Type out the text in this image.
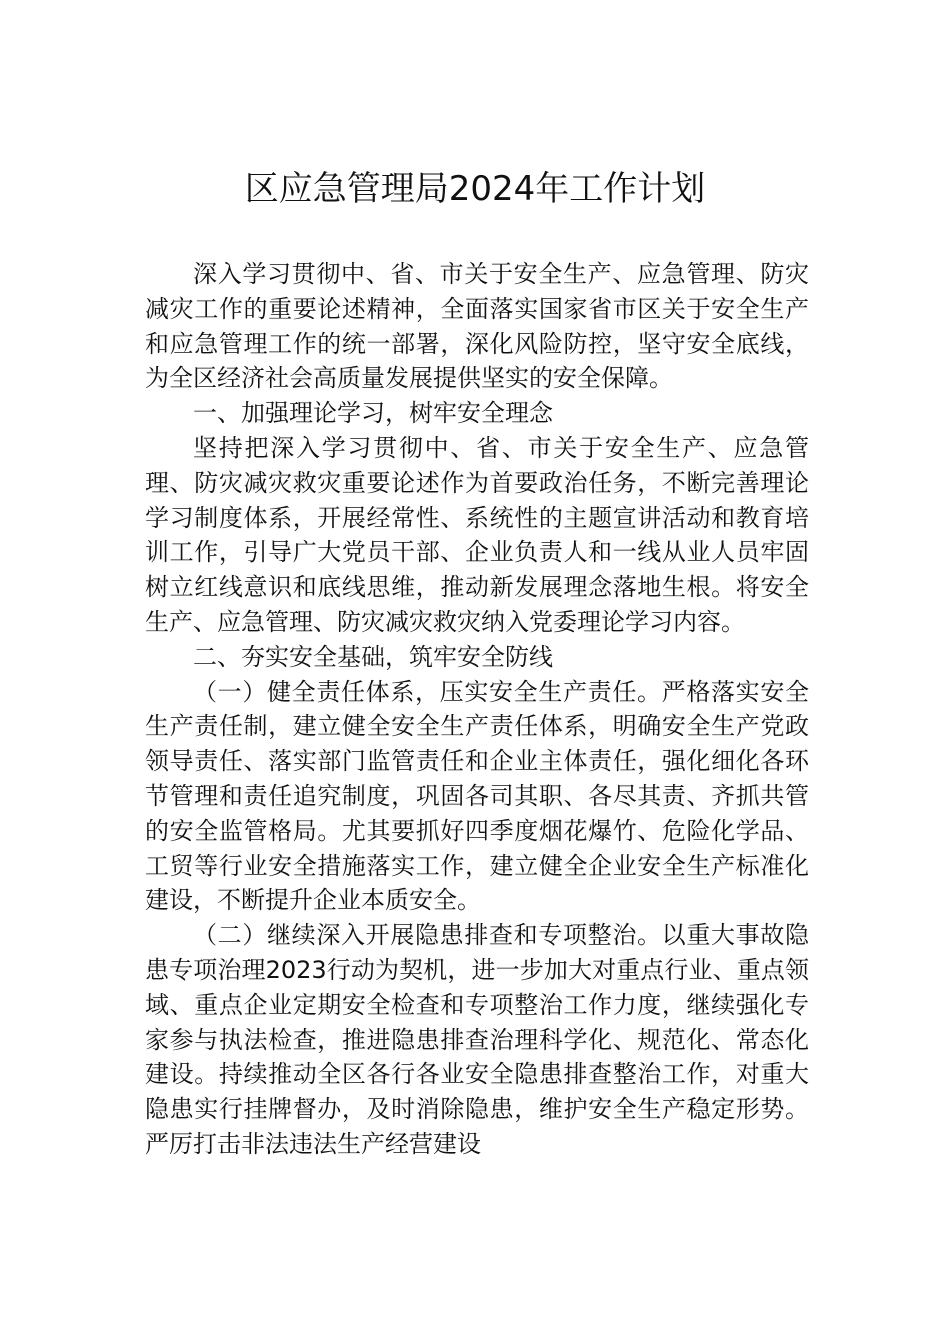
区应急管理局2024年工作计划

深入学习贯彻中、省、市关于安全生产、应急管理、防灾减灾工作的重要论述精神，全面落实国家省市区关于安全生产和应急管理工作的统一部署，深化风险防控，坚守安全底线，为全区经济社会高质量发展提供坚实的安全保障。

一、加强理论学习，树牢安全理念

坚持把深入学习贯彻中、省、市关于安全生产、应急管理、防灾减灾救灾重要论述作为首要政治任务，不断完善理论学习制度体系，开展经常性、系统性的主题宣讲活动和教育培训工作，引导广大党员干部、企业负责人和一线从业人员牢固树立红线意识和底线思维，推动新发展理念落地生根。将安全生产、应急管理、防灾减灾救灾纳入党委理论学习内容。

二、夯实安全基础，筑牢安全防线

（一）健全责任体系，压实安全生产责任。严格落实安全生产责任制，建立健全安全生产责任体系，明确安全生产党政领导责任、落实部门监管责任和企业主体责任，强化细化各环节管理和责任追究制度，巩固各司其职、各尽其责、齐抓共管的安全监管格局。尤其要抓好四季度烟花爆竹、危险化学品、工贸等行业安全措施落实工作，建立健全企业安全生产标准化建设，不断提升企业本质安全。

（二）继续深入开展隐患排查和专项整治。以重大事故隐患专项治理2023行动为契机，进一步加大对重点行业、重点领域、重点企业定期安全检查和专项整治工作力度，继续强化专家参与执法检查，推进隐患排查治理科学化、规范化、常态化建设。持续推动全区各行各业安全隐患排查整治工作，对重大隐患实行挂牌督办，及时消除隐患，维护安全生产稳定形势。严厉打击非法违法生产经营建设
